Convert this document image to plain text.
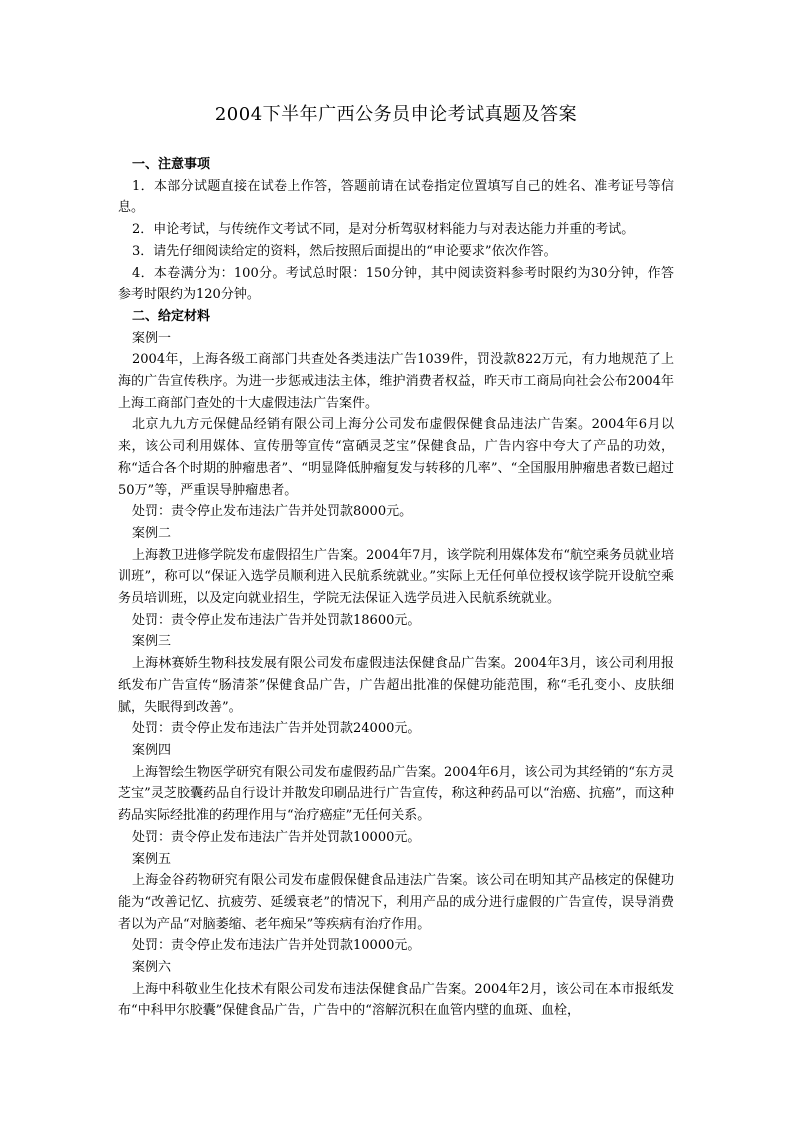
2004下半年广西公务员申论考试真题及答案

一、注意事项

1．本部分试题直接在试卷上作答，答题前请在试卷指定位置填写自己的姓名、准考证号等信息。

2．申论考试，与传统作文考试不同，是对分析驾驭材料能力与对表达能力并重的考试。

3．请先仔细阅读给定的资料，然后按照后面提出的“申论要求”依次作答。

4．本卷满分为：100分。考试总时限：150分钟，其中阅读资料参考时限约为30分钟，作答参考时限约为120分钟。

二、给定材料

案例一

2004年，上海各级工商部门共查处各类违法广告1039件，罚没款822万元，有力地规范了上海的广告宣传秩序。为进一步惩戒违法主体，维护消费者权益，昨天市工商局向社会公布2004年上海工商部门查处的十大虚假违法广告案件。

北京九九方元保健品经销有限公司上海分公司发布虚假保健食品违法广告案。2004年6月以来，该公司利用媒体、宣传册等宣传“富硒灵芝宝”保健食品，广告内容中夸大了产品的功效，称“适合各个时期的肿瘤患者”、“明显降低肿瘤复发与转移的几率”、“全国服用肿瘤患者数已超过50万”等，严重误导肿瘤患者。

处罚：责令停止发布违法广告并处罚款8000元。

案例二

上海教卫进修学院发布虚假招生广告案。2004年7月，该学院利用媒体发布“航空乘务员就业培训班”，称可以“保证入选学员顺利进入民航系统就业。”实际上无任何单位授权该学院开设航空乘务员培训班，以及定向就业招生，学院无法保证入选学员进入民航系统就业。

处罚：责令停止发布违法广告并处罚款18600元。

案例三

上海林赛娇生物科技发展有限公司发布虚假违法保健食品广告案。2004年3月，该公司利用报纸发布广告宣传“肠清茶”保健食品广告，广告超出批准的保健功能范围，称“毛孔变小、皮肤细腻，失眠得到改善”。

处罚：责令停止发布违法广告并处罚款24000元。

案例四

上海智绘生物医学研究有限公司发布虚假药品广告案。2004年6月，该公司为其经销的“东方灵芝宝”灵芝胶囊药品自行设计并散发印刷品进行广告宣传，称这种药品可以“治癌、抗癌”，而这种药品实际经批准的药理作用与“治疗癌症”无任何关系。

处罚：责令停止发布违法广告并处罚款10000元。

案例五

上海金谷药物研究有限公司发布虚假保健食品违法广告案。该公司在明知其产品核定的保健功能为“改善记忆、抗疲劳、延缓衰老”的情况下，利用产品的成分进行虚假的广告宣传，误导消费者以为产品“对脑萎缩、老年痴呆”等疾病有治疗作用。

处罚：责令停止发布违法广告并处罚款10000元。

案例六

上海中科敬业生化技术有限公司发布违法保健食品广告案。2004年2月，该公司在本市报纸发布“中科甲尔胶囊”保健食品广告，广告中的“溶解沉积在血管内壁的血斑、血栓，
